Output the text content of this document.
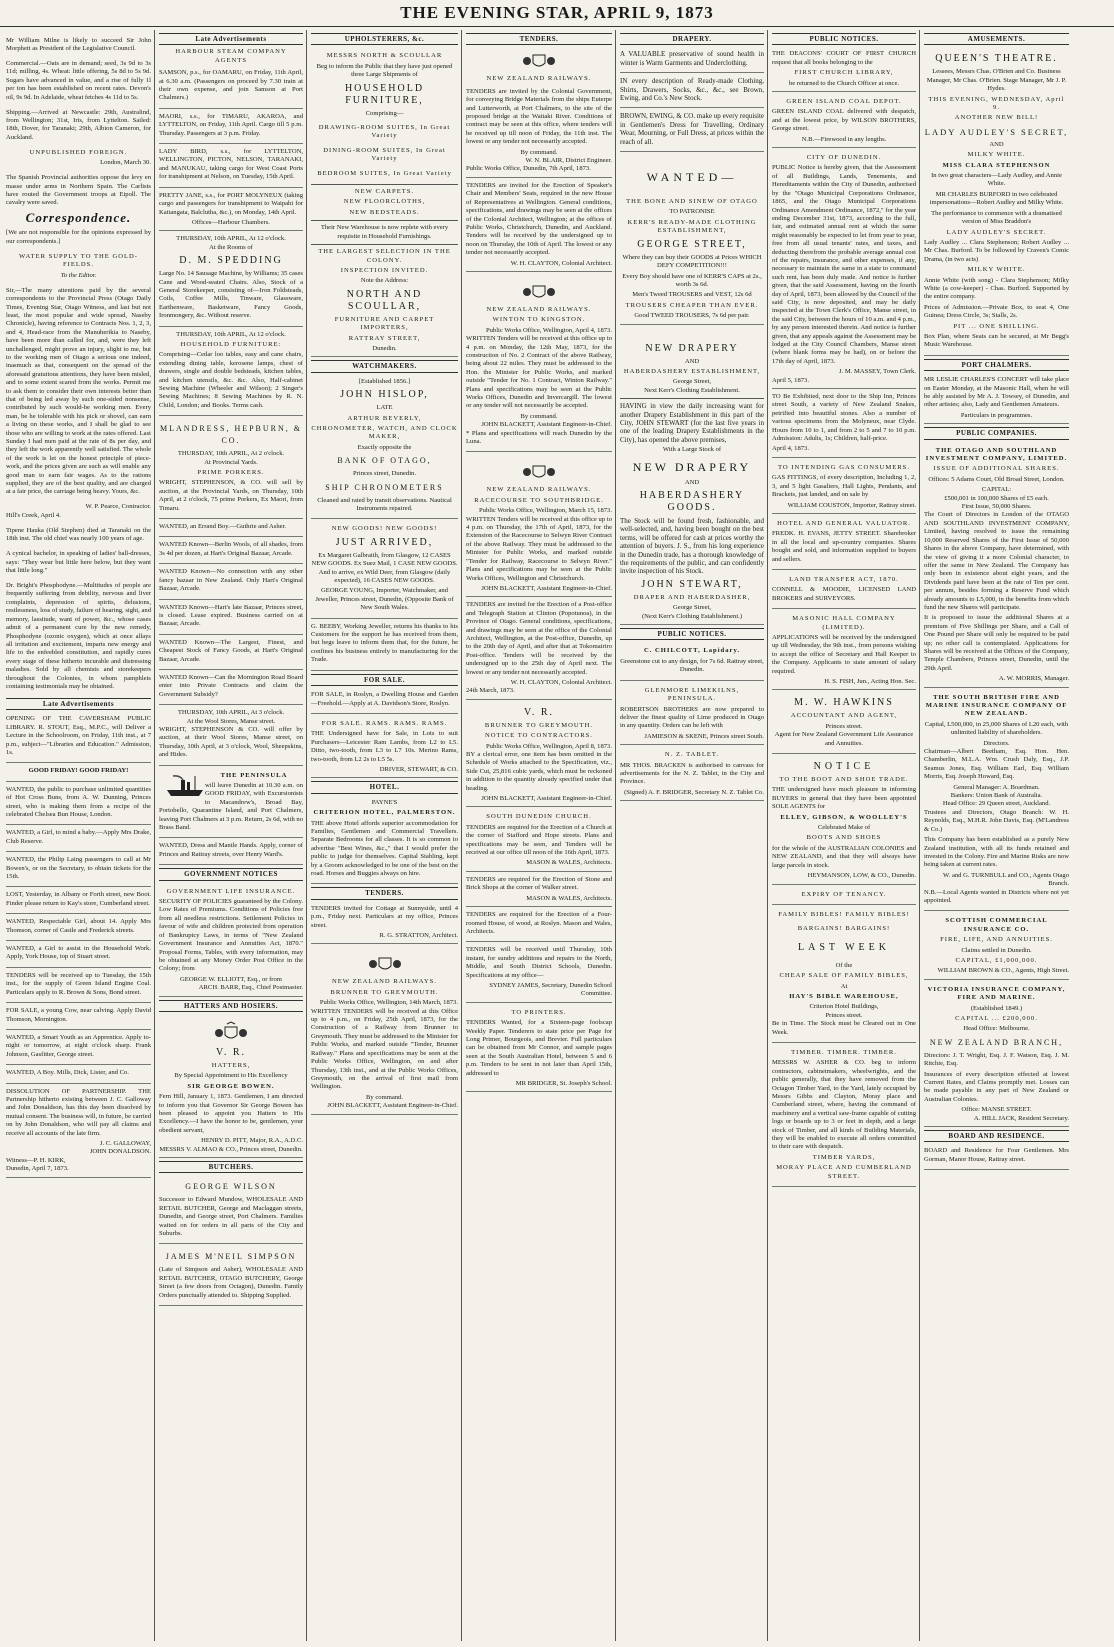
THE EVENING STAR, APRIL 9, 1873

Mr William Milne is likely to succeed Sir John Morphett as President of the Legislative Council.

Commercial.—Oats are in demand; seed, 3s 9d to 3s 11d; milling, 4s. Wheat: little offering, 5s 8d to 5s 9d. Sugars have advanced in value, and a rise of fully 1l per ton has been established on recent rates. Devon's oil, 9s 9d. In Adelaide, wheat fetches 4s 11d to 5s.

Shipping.—Arrived at Newcastle: 29th, Australind, from Wellington; 31st, Iris, from Lyttelton. Sailed: 18th, Dover, for Taranaki; 29th, Albion Cameron, for Auckland.

UNPUBLISHED FOREIGN.
London, March 30.

The Spanish Provincial authorities oppose the levy en masse under arms in Northern Spain. The Carlists have routed the Government troops at Eipoll. The cavalry were saved.

Correspondence.

[We are not responsible for the opinions expressed by our correspondents.]

WATER SUPPLY TO THE GOLD-FIELDS.
To the Editor.

Sir,—The many attentions paid by the several correspondents to the Provincial Press (Otago Daily Times, Evening Star, Otago Witness, and last but not least, the most popular and wide spread, Naseby Chronicle), having reference to Contracts Nos. 1, 2, 3, and 4, Head-race from the Manuherikia to Naseby, have been more than called for, and, were they left unchallenged, might prove an injury, slight to me, but to the working men of Otago a serious one indeed, inasmuch as that, consequent on the spread of the aforesaid gratuitous attentions, they have been misled, and to some extent scared from the works. Permit me to ask them to consider their own interests better than that of being led away by such one-sided nonsense, contributed by such would-be working men. Every man, be he tolerable with his pick or shovel, can earn a living on these works, and I shall be glad to see those who are willing to work at the rates offered. Last Sunday I had men paid at the rate of 8s per day, and they left the work apparently well satisfied. The whole of the work is let on the honest principle of piece-work, and the prices given are such as will enable any good man to earn fair wages. As to the rations supplied, they are of the best quality, and are charged at a fair price, the carriage being heavy. Yours, &c.

W. P. Pearce, Contractor.
Hill's Creek, April 4.

Tipene Hauka (Old Stephen) died at Taranaki on the 18th inst. The old chief was nearly 100 years of age.

A cynical bachelor, in speaking of ladies' ball-dresses, says: "They wear but little here below, but they want that little long."

Dr. Bright's Phosphodyne.—Multitudes of people are frequently suffering from debility, nervous and liver complaints, depression of spirits, delusions, restlessness, loss of study, failure of hearing, sight, and memory, lassitude, want of power, &c., whose cases admit of a permanent cure by the new remedy, Phosphodyne (ozonic oxygen), which at once allays all irritation and excitement, imparts new energy and life to the enfeebled constitution, and rapidly cures every stage of these hitherto incurable and distressing maladies. Sold by all chemists and storekeepers throughout the Colonies, in whom pamphlets containing testimonials may be obtained.

Late Advertisements

OPENING OF THE CAVERSHAM PUBLIC LIBRARY. R. STOUT, Esq., M.P.C., will Deliver a Lecture in the Schoolroom, on Friday, 11th inst., at 7 p.m., subject—"Libraries and Education." Admission, 1s.

GOOD FRIDAY! GOOD FRIDAY!

WANTED, the public to purchase unlimited quantities of Hot Cross Buns, from A. W. Dunning, Princes street, who is making them from a recipe of the celebrated Chelsea Bun House, London.

WANTED, a Girl, to mind a baby.—Apply Mrs Drake, Club Reserve.

WANTED, the Philip Laing passengers to call at Mr Bowen's, or on the Secretary, to obtain tickets for the 15th.

LOST, Yesterday, in Albany or Forth street, new Boot. Finder please return to Kay's store, Cumberland street.

WANTED, Respectable Girl, about 14. Apply Mrs Thomson, corner of Castle and Frederick streets.

WANTED, a Girl to assist in the Household Work. Apply, York House, top of Stuart street.

TENDERS will be received up to Tuesday, the 15th inst., for the supply of Green Island Engine Coal. Particulars apply to R. Brown & Sons, Bond street.

FOR SALE, a young Cow, near calving. Apply David Thomson, Mornington.

WANTED, a Smart Youth as an Apprentice. Apply to-night or tomorrow, at eight o'clock sharp. Frank Johnson, Gasfitter, George street.

WANTED, A Boy. Mills, Dick, Lister, and Co.

DISSOLUTION OF PARTNERSHIP. THE Partnership hitherto existing between J. C. Galloway and John Donaldson, has this day been dissolved by mutual consent. The business will, in future, be carried on by John Donaldson, who will pay all claims and receive all accounts of the late firm.

J. C. GALLOWAY,
JOHN DONALDSON.
Witness—P. H. KIRK,
Dunedin, April 7, 1873.
Late Advertisements
HARBOUR STEAM COMPANY AGENTS

SAMSON, p.s., for OAMARU, on Friday, 11th April, at 6.30 a.m. (Passengers on proceed by 7.30 train at their own expense, and join Samson at Port Chalmers.)

MAORI, s.s., for TIMARU, AKAROA, and LYTTELTON, on Friday, 11th April. Cargo till 5 p.m. Thursday. Passengers at 3 p.m. Friday.

LADY BIRD, s.s., for LYTTELTON, WELLINGTON, PICTON, NELSON, TARANAKI, and MANUKAU, taking cargo for West Coast Ports for transhipment at Nelson, on Tuesday, 15th April.

PRETTY JANE, s.s., for PORT MOLYNEUX (taking cargo and passengers for transhipment to Waipahi for Kaitangata, Balclutha, &c.), on Monday, 14th April.

Offices—Harbour Chambers.
THURSDAY, 10th APRIL, At 12 o'clock.
At the Rooms of
D. M. SPEDDING

Large No. 14 Sausage Machine, by Williams; 35 cases Cane and Wood-seated Chairs. Also, Stock of a General Storekeeper, consisting of—Iron Foldsteads, Coils, Coffee Mills, Tinware, Glassware, Earthenware, Basketware, Fancy Goods, Ironmongery, &c. Without reserve.

THURSDAY, 10th APRIL, At 12 o'clock.
HOUSEHOLD FURNITURE:

Comprising—Cedar loo tables, easy and cane chairs, extending dining table, kerosene lamps, chest of drawers, single and double bedsteads, kitchen tables, and kitchen utensils, &c. &c. Also, Half-cabinet Sewing Machine (Wheeler and Wilson); 2 Singer's Sewing Machines; 8 Sewing Machines by R. N. Child, London; and Books. Terms cash.

MLANDRESS, HEPBURN, & CO.
THURSDAY, 10th APRIL, At 2 o'clock.
At Provincial Yards.
PRIME PORKERS.

WRIGHT, STEPHENSON, & CO. will sell by auction, at the Provincial Yards, on Thursday, 10th April, at 2 o'clock, 75 prime Porkers, Ex Maori, from Timaru.

WANTED, an Errand Boy.—Guthrie and Asher.

WANTED Known—Berlin Wools, of all shades, from 3s 4d per dozen, at Hart's Original Bazaar, Arcade.

WANTED Known—No connection with any other fancy bazaar in New Zealand. Only Hart's Original Bazaar, Arcade.

WANTED Known—Hart's late Bazaar, Princes street, is closed. Lease expired. Business carried on at Bazaar, Arcade.

WANTED Known—The Largest, Finest, and Cheapest Stock of Fancy Goods, at Hart's Original Bazaar, Arcade.

WANTED Known—Can the Mornington Road Board enter into Private Contracts and claim the Government Subsidy?

THURSDAY, 10th APRIL, At 3 o'clock.
At the Wool Stores, Manse street.

WRIGHT, STEPHENSON & CO. will offer by auction, at their Wool Stores, Manse street, on Thursday, 10th April, at 3 o'clock, Wool, Sheepskins, and Hides.

THE PENINSULA

will leave Dunedin at 10.30 a.m. on GOOD FRIDAY, with Excursionists to Macandrew's, Broad Bay, Portobello, Quarantine Island, and Port Chalmers, leaving Port Chalmers at 3 p.m. Return, 2s 6d, with no Brass Band.

WANTED, Dress and Mantle Hands. Apply, corner of Princes and Rattray streets, over Henry Ward's.

GOVERNMENT NOTICES
GOVERNMENT LIFE INSURANCE.

SECURITY OF POLICIES guaranteed by the Colony. Low Rates of Premiums. Conditions of Policies free from all needless restrictions. Settlement Policies in favour of wife and children protected from operation of Bankruptcy Laws, in terms of "New Zealand Government Insurance and Annuities Act, 1870." Proposal Forms, Tables, with every information, may be obtained at any Money Order Post Office in the Colony; from

GEORGE W. ELLIOTT, Esq., or from
ARCH. BARR, Esq., Chief Postmaster.
HATTERS AND HOSIERS.
V. R.
HATTERS,
By Special Appointment to His Excellency
SIR GEORGE BOWEN.

Fern Hill, January 1, 1873. Gentlemen, I am directed to inform you that Governor Sir George Bowen has been pleased to appoint you Hatters to His Excellency.—I have the honor to be, gentlemen, your obedient servant,

HENRY D. PITT, Major, R.A., A.D.C.
MESSRS V. ALMAO & CO., Princes street, Dunedin.
BUTCHERS.
GEORGE WILSON

Successor to Edward Mundow, WHOLESALE AND RETAIL BUTCHER, George and Maclaggan streets, Dunedin, and George street, Port Chalmers. Families waited on for orders in all parts of the City and Suburbs.

JAMES M'NEIL SIMPSON

(Late of Simpson and Asher), WHOLESALE AND RETAIL BUTCHER, OTAGO BUTCHERY, George Street (a few doors from Octagon), Dunedin. Family Orders punctually attended to. Shipping Supplied.

UPHOLSTERERS, &c.
MESSRS NORTH & SCOULLAR

Beg to inform the Public that they have just opened three Large Shipments of

HOUSEHOLD FURNITURE,
Comprising—
DRAWING-ROOM SUITES, In Great Variety
DINING-ROOM SUITES, In Great Variety
BEDROOM SUITES, In Great Variety
NEW CARPETS.
NEW FLOORCLOTHS,
NEW BEDSTEADS.

Their New Warehouse is now replete with every requisite in Household Furnishings.

THE LARGEST SELECTION IN THE COLONY.
INSPECTION INVITED.
Note the Address:
NORTH AND SCOULLAR,
FURNITURE AND CARPET IMPORTERS,
RATTRAY STREET,
Dunedin.
WATCHMAKERS.
[Established 1856.]
JOHN HISLOP,
LATE
ARTHUR BEVERLY,
CHRONOMETER, WATCH, AND CLOCK MAKER,
Exactly opposite the
BANK OF OTAGO,
Princes street, Dunedin.
SHIP CHRONOMETERS

Cleaned and rated by transit observations. Nautical Instruments repaired.

NEW GOODS! NEW GOODS!
JUST ARRIVED,

Ex Margaret Galbraith, from Glasgow, 12 CASES NEW GOODS. Ex Suez Mail, 1 CASE NEW GOODS. And to arrive, ex Wild Deer, from Glasgow (daily expected), 16 CASES NEW GOODS.

GEORGE YOUNG, Importer, Watchmaker, and Jeweller, Princes street, Dunedin, (Opposite Bank of New South Wales.

G. BEEBY, Working Jeweller, returns his thanks to his Customers for the support he has received from them, but begs leave to inform them that, for the future, he confines his business entirely to manufacturing for the Trade.

FOR SALE.

FOR SALE, in Roslyn, a Dwelling House and Garden—Freehold.—Apply at A. Davidson's Store, Roslyn.

FOR SALE. RAMS. RAMS. RAMS.

THE Undersigned have for Sale, in Lots to suit Purchasers—Leicester Ram Lambs, from L2 to L5. Ditto, two-tooth, from L3 to L7 10s. Merino Rams, two-tooth, from L2 2s to L5 5s.

DRIVER, STEWART, & CO.
HOTEL.
PAYNE'S
CRITERION HOTEL, PALMERSTON.

THE above Hotel affords superior accommodation for Families, Gentlemen and Commercial Travellers. Separate Bedrooms for all classes. It is so common to advertise "Best Wines, &c.," that I would prefer the public to judge for themselves. Capital Stabling, kept by a Groom acknowledged to be one of the best on the road. Horses and Buggies always on hire.

TENDERS.

TENDERS invited for Cottage at Sunnyside, until 4 p.m., Friday next. Particulars at my office, Princes street.

R. G. STRATTON, Architect.
NEW ZEALAND RAILWAYS.
BRUNNER TO GREYMOUTH.
Public Works Office, Wellington, 14th March, 1873.

WRITTEN TENDERS will be received at this Office up to 4 p.m., on Friday, 25th April, 1873, for the Construction of a Railway from Brunner to Greymouth. They must be addressed to the Minister for Public Works, and marked outside "Tender, Brunner Railway." Plans and specifications may be seen at the Public Works Office, Wellington, on and after Thursday, 13th inst., and at the Public Works Offices, Greymouth, on the arrival of first mail from Wellington.

By command.
JOHN BLACKETT, Assistant Engineer-in-Chief.
TENDERS.
NEW ZEALAND RAILWAYS.

TENDERS are invited by the Colonial Government, for conveying Bridge Materials from the ships Euterpe and Lutterworth, at Port Chalmers, to the site of the proposed bridge at the Waitaki River. Conditions of contract may be seen at this office, where tenders will be received up till noon of Friday, the 11th inst. The lowest or any tender not necessarily accepted.

By command.
W. N. BLAIR, District Engineer.
Public Works Office, Dunedin, 7th April, 1873.

TENDERS are invited for the Erection of Speaker's Chair and Members' Seats, required in the new House of Representatives at Wellington. General conditions, specifications, and drawings may be seen at the offices of the Colonial Architect, Wellington; at the offices of Public Works, Christchurch, Dunedin, and Auckland. Tenders will be received by the undersigned up to noon on Thursday, the 10th of April. The lowest or any tender not necessarily accepted.

W. H. CLAYTON, Colonial Architect.
NEW ZEALAND RAILWAYS.
WINTON TO KINGSTON.
Public Works Office, Wellington, April 4, 1873.

WRITTEN Tenders will be received at this office up to 4 p.m. on Monday, the 12th May, 1873, for the construction of No. 2 Contract of the above Railway, being about 22 miles. They must be addressed to the Hon. the Minister for Public Works, and marked outside "Tender for No. 1 Contract, Winton Railway." Plans and specifications may be seen at the Public Works Offices, Dunedin and Invercargill. The lowest or any tender will not necessarily be accepted.

By command.
JOHN BLACKETT, Assistant Engineer-in-Chief.

* Plans and specifications will reach Dunedin by the Luna.

NEW ZEALAND RAILWAYS.
RACECOURSE TO SOUTHBRIDGE.
Public Works Office, Wellington, March 15, 1873.

WRITTEN Tenders will be received at this office up to 4 p.m. on Thursday, the 17th of April, 1873, for the Extension of the Racecourse to Selwyn River Contract of the above Railway. They must be addressed to the Minister for Public Works, and marked outside "Tender for Railway, Racecourse to Selwyn River." Plans and specifications may be seen at the Public Works Offices, Wellington and Christchurch.

JOHN BLACKETT, Assistant Engineer-in-Chief.

TENDERS are invited for the Erection of a Post-office and Telegraph Station at Clinton (Popotunoa), in the Province of Otago. General conditions, specifications, and drawings may be seen at the office of the Colonial Architect, Wellington, at the Post-office, Dunedin, up to the 20th day of April, and after that at Tokomairiro Post-office. Tenders will be received by the undersigned up to the 25th day of April next. The lowest or any tender not necessarily accepted.

W. H. CLAYTON, Colonial Architect.
24th March, 1873.
V. R.
BRUNNER TO GREYMOUTH.
NOTICE TO CONTRACTORS.
Public Works Office, Wellington, April 8, 1873.

BY a clerical error, one item has been omitted in the Schedule of Works attached to the Specification, viz., Side Cut, 25,816 cubic yards, which must be reckoned in addition to the quantity already specified under that heading.

JOHN BLACKETT, Assistant Engineer-in-Chief.
SOUTH DUNEDIN CHURCH.

TENDERS are required for the Erection of a Church at the corner of Stafford and Hope streets. Plans and specifications may be seen, and Tenders will be received at our office till noon of the 16th April, 1873.

MASON & WALES, Architects.

TENDERS are required for the Erection of Stone and Brick Shops at the corner of Walker street.

MASON & WALES, Architects.

TENDERS are required for the Erection of a Four-roomed House, of wood, at Roslyn. Mason and Wales, Architects.

TENDERS will be received until Thursday, 10th instant, for sundry additions and repairs to the North, Middle, and South District Schools, Dunedin. Specifications at my office—

SYDNEY JAMES, Secretary, Dunedin School Committee.
TO PRINTERS.

TENDERS Wanted, for a Sixteen-page foolscap Weekly Paper. Tenderers to state price per Page for Long Primer, Bourgeois, and Brevier. Full particulars can be obtained from Mr Connor, and sample pages seen at the South Australian Hotel, between 5 and 6 p.m. Tenders to be sent in not later than April 15th, addressed to

MR BRIDGER, St. Joseph's School.
DRAPERY.

A VALUABLE preservative of sound health in winter is Warm Garments and Underclothing.

IN every description of Ready-made Clothing, Shirts, Drawers, Socks, &c., &c., see Brown, Ewing, and Co.'s New Stock.

BROWN, EWING, & CO. make up every requisite in Gentlemen's Dress for Travelling, Ordinary Wear, Mourning, or Full Dress, at prices within the reach of all.

WANTED—
THE BONE AND SINEW OF OTAGO
TO PATRONISE
KERR'S READY-MADE CLOTHING ESTABLISHMENT,
GEORGE STREET,

Where they can buy their GOODS at Prices WHICH DEFY COMPETITION!!!

Every Boy should have one of KERR'S CAPS at 2s., worth 3s 6d.

Men's Tweed TROUSERS and VEST, 12s 6d

TROUSERS CHEAPER THAN EVER.
Good TWEED TROUSERS, 7s 6d per pair.
NEW DRAPERY
AND
HABERDASHERY ESTABLISHMENT,
George Street,
Next Kerr's Clothing Establishment.

HAVING in view the daily increasing want for another Drapery Establishment in this part of the City, JOHN STEWART (for the last five years in one of the leading Drapery Establishments in the City), has opened the above premises,

With a Large Stock of
NEW DRAPERY
AND
HABERDASHERY GOODS.

The Stock will be found fresh, fashionable, and well-selected, and, having been bought on the best terms, will be offered for cash at prices worthy the attention of buyers. J. S., from his long experience in the Dunedin trade, has a thorough knowledge of the requirements of the public, and can confidently invite inspection of his Stock.

JOHN STEWART,
DRAPER AND HABERDASHER,
George Street,
(Next Kerr's Clothing Establishment.)
PUBLIC NOTICES.
C. CHILCOTT, Lapidary.

Greenstone cut to any design, for 7s 6d. Rattray street, Dunedin.

GLENMORE LIMEKILNS, PENINSULA.

ROBERTSON BROTHERS are now prepared to deliver the finest quality of Lime produced in Otago in any quantity. Orders can be left with

JAMIESON & SKENE, Princes street South.
N. Z. TABLET.

MR THOS. BRACKEN is authorised to canvass for advertisements for the N. Z. Tablet, in the City and Province.

(Signed) A. F. BRIDGER, Secretary N. Z. Tablet Co.
PUBLIC NOTICES.

THE DEACONS' COURT OF FIRST CHURCH request that all books belonging to the

FIRST CHURCH LIBRARY,
be returned to the Church Officer at once.
GREEN ISLAND COAL DEPOT.

GREEN ISLAND COAL delivered with despatch, and at the lowest price, by WILSON BROTHERS, George street.

N.B.—Firewood in any lengths.
CITY OF DUNEDIN.

PUBLIC Notice is hereby given, that the Assessment of all Buildings, Lands, Tenements, and Hereditaments within the City of Dunedin, authorised by the "Otago Municipal Corporations Ordinance, 1865, and the Otago Municipal Corporations Ordinance Amendment Ordinance, 1872," for the year ending December 31st, 1873, according to the full, fair, and estimated annual rent at which the same might reasonably be expected to let from year to year, free from all usual tenants' rates, and taxes, and deducting therefrom the probable average annual cost of the repairs, insurance, and other expenses, if any, necessary to maintain the same in a state to command such rent, has been duly made. And notice is further given, that the said Assessment, having on the fourth day of April, 1873, been allowed by the Council of the said City, is now deposited, and may be daily inspected at the Town Clerk's Office, Manse street, in the said City, between the hours of 10 a.m. and 4 p.m., by any person interested therein. And notice is further given, that any appeals against the Assessment may be lodged at the City Council Chambers, Manse street (where blank forms may be had), on or before the 17th day of April, 1873.

J. M. MASSEY, Town Clerk.
April 5, 1873.

TO Be Exhibited, next door to the Ship Inn, Princes street South, a variety of New Zealand Snakes, petrified into beautiful stones. Also a number of various specimens from the Molyneux, near Clyde. Hours from 10 to 1, and from 2 to 5 and 7 to 10 p.m. Admission: Adults, 1s; Children, half-price.

April 4, 1873.
TO INTENDING GAS CONSUMERS.

GAS FITTINGS, of every description, Including 1, 2, 3, and 5 light Gasaliers, Hall Lights, Pendants, and Brackets, just landed, and on sale by

WILLIAM COUSTON, Importer, Rattray street.
HOTEL AND GENERAL VALUATOR.

FREDK. H. EVANS, JETTY STREET. Sharebroker in all the local and up-country companies. Shares bought and sold, and information supplied to buyers and sellers.

LAND TRANSFER ACT, 1870.

CONNELL & MOODIE, LICENSED LAND BROKERS and SURVEYORS.

MASONIC HALL COMPANY (LIMITED).

APPLICATIONS will be received by the undersigned up till Wednesday, the 9th inst., from persons wishing to accept the office of Secretary and Hall Keeper to the Company. Applicants to state amount of salary required.

H. S. FISH, Jun., Acting Hon. Sec.
M. W. HAWKINS
ACCOUNTANT AND AGENT,
Princes street.

Agent for New Zealand Government Life Assurance and Annuities.

NOTICE
TO THE BOOT AND SHOE TRADE.

THE undersigned have much pleasure in informing BUYERS in general that they have been appointed SOLE AGENTS for

ELLEY, GIBSON, & WOOLLEY'S
Celebrated Make of
BOOTS AND SHOES

for the whole of the AUSTRALIAN COLONIES and NEW ZEALAND, and that they will always have large parcels in stock.

HEYMANSON, LOW, & CO., Dunedin.
EXPIRY OF TENANCY.
FAMILY BIBLES! FAMILY BIBLES!
BARGAINS! BARGAINS!
LAST WEEK
Of the
CHEAP SALE OF FAMILY BIBLES,
At
HAY'S BIBLE WAREHOUSE,
Criterion Hotel Buildings,
Princes street.

Be in Time. The Stock must be Cleared out in One Week.

TIMBER. TIMBER. TIMBER.

MESSRS W. ASHER & CO. beg to inform contractors, cabinetmakers, wheelwrights, and the public generally, that they have removed from the Octagon Timber Yard, to the Yard, lately occupied by Messrs Gibbs and Clayton, Moray place and Cumberland street, where, having the command of machinery and a vertical saw-frame capable of cutting logs or boards up to 3 or feet in depth, and a large stock of Timber, and all kinds of Building Materials, they will be enabled to execute all orders committed to their care with despatch.

TIMBER YARDS,
MORAY PLACE AND CUMBERLAND STREET.
AMUSEMENTS.
QUEEN'S THEATRE.

Lessees, Messrs Chas. O'Brien and Co. Business Manager, Mr Chas. O'Brien. Stage Manager, Mr J. P. Hydes.

THIS EVENING, WEDNESDAY, April 9.
ANOTHER NEW BILL!
LADY AUDLEY'S SECRET,
AND
MILKY WHITE.
MISS CLARA STEPHENSON

In two great characters—Lady Audley, and Annie White.

MR CHARLES BURFORD in two celebrated impersonations—Robert Audley and Milky White.

The performance to commence with a dramatised version of Miss Braddon's

LADY AUDLEY'S SECRET.

Lady Audley ... Clara Stephenson; Robert Audley ... Mr Chas. Burford. To be followed by Craven's Comic Drama, (in two acts)

MILKY WHITE.

Annie White (with song) - Clara Stephenson; Milky White (a cow-keeper) - Chas. Burford. Supported by the entire company.

Prices of Admission.—Private Box, to seat 4, One Guinea; Dress Circle, 3s; Stalls, 2s.

PIT ... ONE SHILLING.

Box Plan, where Seats can be secured, at Mr Begg's Music Warehouse.

PORT CHALMERS.

MR LESLIE CHARLES'S CONCERT will take place on Easter Monday, at the Masonic Hall, when he will be ably assisted by Mr A. J. Towsey, of Dunedin, and other artistes; also, Lady and Gentlemen Amateurs.

Particulars in programmes.
PUBLIC COMPANIES.
THE OTAGO AND SOUTHLAND INVESTMENT COMPANY, LIMITED.
ISSUE OF ADDITIONAL SHARES.

Offices: 5 Adams Court, Old Broad Street, London.

CAPITAL:
£500,001 in 100,000 Shares of £5 each.
First Issue, 50,000 Shares.

The Court of Directors in London of the OTAGO AND SOUTHLAND INVESTMENT COMPANY, Limited, having resolved to issue the remaining 10,000 Reserved Shares of the First Issue of 50,000 Shares in the above Company, have determined, with the view of giving it a more Colonial character, to offer the same in New Zealand. The Company has only been in existence about eight years, and the Dividends paid have been at the rate of Ten per cent. per annum, besides forming a Reserve Fund which already amounts to L5,000, in the benefits from which fund the new Shares will participate.

It is proposed to issue the additional Shares at a premium of Five Shillings per Share, and a Call of One Pound per Share will only be required to be paid up; no other call is contemplated. Applications for Shares will be received at the Offices of the Company, Temple Chambers, Princes street, Dunedin, until the 29th April.

A. W. MORRIS, Manager.
THE SOUTH BRITISH FIRE AND MARINE INSURANCE COMPANY OF NEW ZEALAND.

Capital, L500,000, in 25,000 Shares of L20 each, with unlimited liability of shareholders.

Directors.

Chairman—Albert Beetham, Esq. Hon. Hen. Chamberlin, M.L.A. Wm. Crush Daly, Esq., J.P. Seamus Jones, Esq. William Earl, Esq. William Morris, Esq. Joseph Howard, Esq.

General Manager: A. Boardman.
Bankers: Union Bank of Australia.
Head Office: 29 Queen street, Auckland.

Trustees and Directors, Otago Branch: W. H. Reynolds, Esq., M.H.R. John Davis, Esq. (M'Landress & Co.)

This Company has been established as a purely New Zealand institution, with all its funds retained and invested in the Colony. Fire and Marine Risks are now being taken at current rates.

W. and G. TURNBULL and CO., Agents Otago Branch.

N.B.—Local Agents wanted in Districts where not yet appointed.

SCOTTISH COMMERCIAL INSURANCE CO.
FIRE, LIFE, AND ANNUITIES.
Claims settled in Dunedin.
CAPITAL, £1,000,000.
WILLIAM BROWN & CO., Agents, High Street.
VICTORIA INSURANCE COMPANY, FIRE AND MARINE.
(Established 1849.)
CAPITAL ... £200,000.
Head Office: Melbourne.
NEW ZEALAND BRANCH,

Directors: J. T. Wright, Esq. J. F. Watson, Esq. J. M. Ritchie, Esq.

Insurances of every description effected at lowest Current Rates, and Claims promptly met. Losses can be made payable in any part of New Zealand or Australian Colonies.

Office: MANSE STREET.
A. HILL JACK, Resident Secretary.
BOARD AND RESIDENCE.

BOARD and Residence for Four Gentlemen. Mrs Gorman, Manor House, Rattray street.
